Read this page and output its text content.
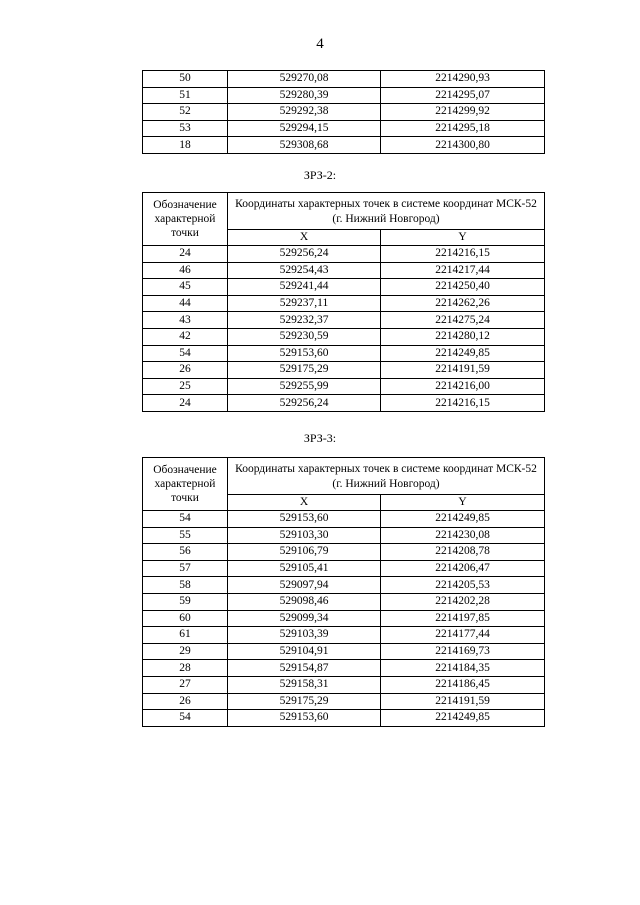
4
50	529270,08	2214290,93
51	529280,39	2214295,07
52	529292,38	2214299,92
53	529294,15	2214295,18
18	529308,68	2214300,80
ЗРЗ-2:
Обозначение характерной точки	Координаты характерных точек в системе координат МСК-52 (г. Нижний Новгород)	
	X	Y
24	529256,24	2214216,15
46	529254,43	2214217,44
45	529241,44	2214250,40
44	529237,11	2214262,26
43	529232,37	2214275,24
42	529230,59	2214280,12
54	529153,60	2214249,85
26	529175,29	2214191,59
25	529255,99	2214216,00
24	529256,24	2214216,15
ЗРЗ-3:
Обозначение характерной точки	Координаты характерных точек в системе координат МСК-52 (г. Нижний Новгород)	
	X	Y
54	529153,60	2214249,85
55	529103,30	2214230,08
56	529106,79	2214208,78
57	529105,41	2214206,47
58	529097,94	2214205,53
59	529098,46	2214202,28
60	529099,34	2214197,85
61	529103,39	2214177,44
29	529104,91	2214169,73
28	529154,87	2214184,35
27	529158,31	2214186,45
26	529175,29	2214191,59
54	529153,60	2214249,85
